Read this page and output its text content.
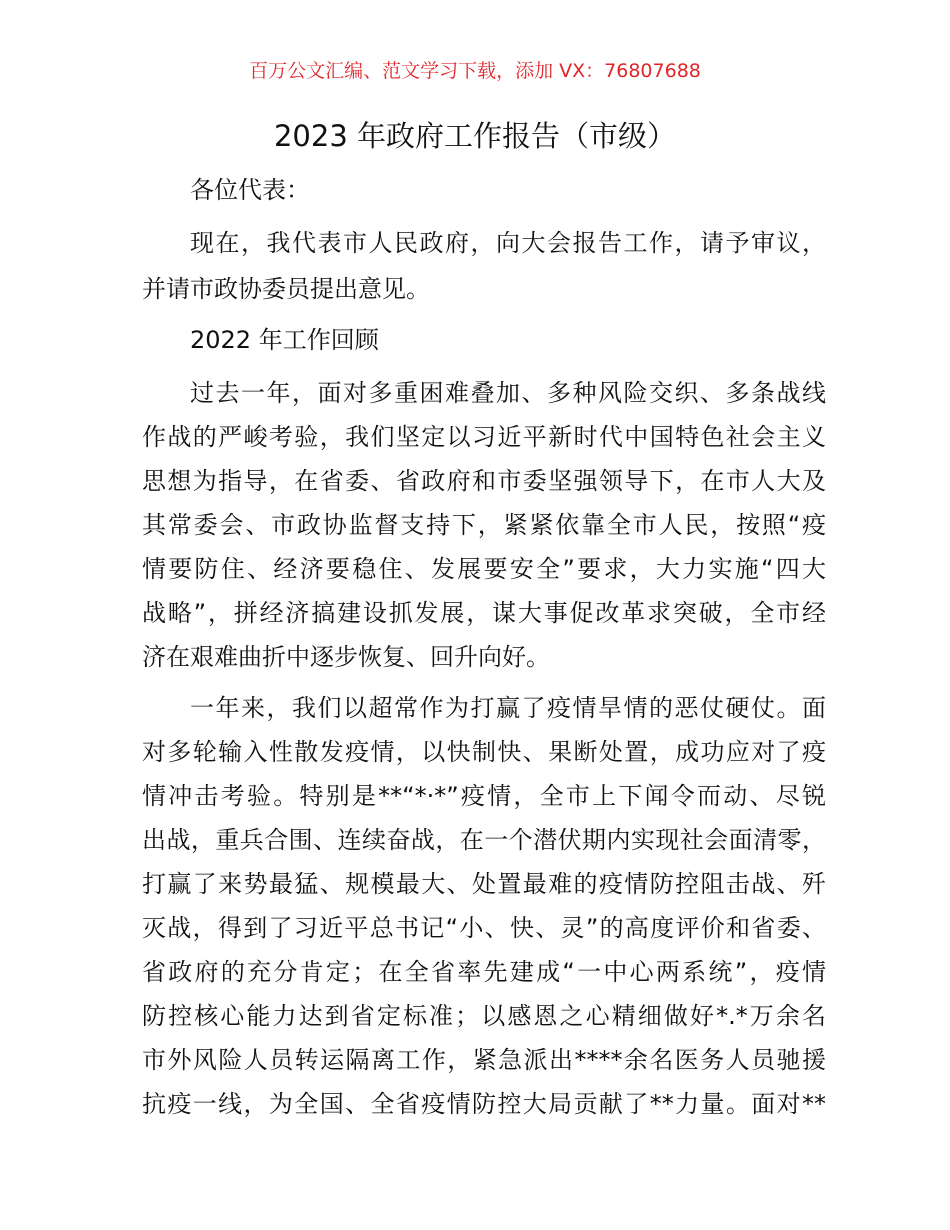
百万公文汇编、范文学习下载，添加 VX：76807688
2023 年政府工作报告（市级）
各位代表：
现在，我代表市人民政府，向大会报告工作，请予审议，
并请市政协委员提出意见。
2022 年工作回顾
过去一年，面对多重困难叠加、多种风险交织、多条战线
作战的严峻考验，我们坚定以习近平新时代中国特色社会主义
思想为指导，在省委、省政府和市委坚强领导下，在市人大及
其常委会、市政协监督支持下，紧紧依靠全市人民，按照“疫
情要防住、经济要稳住、发展要安全”要求，大力实施“四大
战略”，拼经济搞建设抓发展，谋大事促改革求突破，全市经
济在艰难曲折中逐步恢复、回升向好。
一年来，我们以超常作为打赢了疫情旱情的恶仗硬仗。面
对多轮输入性散发疫情，以快制快、果断处置，成功应对了疫
情冲击考验。特别是**“*·*”疫情，全市上下闻令而动、尽锐
出战，重兵合围、连续奋战，在一个潜伏期内实现社会面清零，
打赢了来势最猛、规模最大、处置最难的疫情防控阻击战、歼
灭战，得到了习近平总书记“小、快、灵”的高度评价和省委、
省政府的充分肯定；在全省率先建成“一中心两系统”，疫情
防控核心能力达到省定标准；以感恩之心精细做好*.*万余名
市外风险人员转运隔离工作，紧急派出****余名医务人员驰援
抗疫一线，为全国、全省疫情防控大局贡献了**力量。面对**
